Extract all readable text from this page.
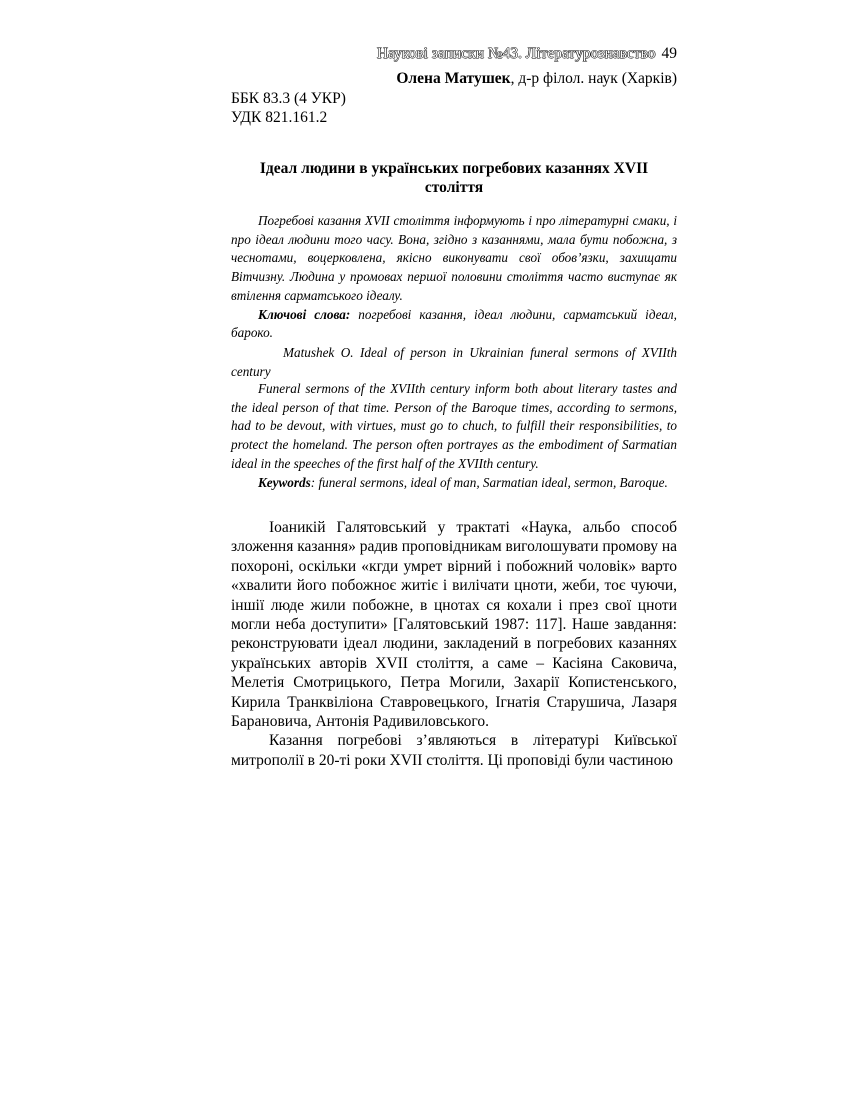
Наукові записки №43. Літературознавство 49
Олена Матушек, д-р філол. наук (Харків)
ББК 83.3 (4 УКР)
УДК 821.161.2
Ідеал людини в українських погребових казаннях XVII
століття

Погребові казання XVII століття інформують і про літературні смаки, і про ідеал людини того часу. Вона, згідно з казаннями, мала бути побожна, з чеснотами, воцерковлена, якісно виконувати свої обов’язки, захищати Вітчизну. Людина у промовах першої половини століття часто виступає як втілення сарматського ідеалу.

Ключові слова: погребові казання, ідеал людини, сарматський ідеал, бароко.

Matushek O. Ideal of person in Ukrainian funeral sermons of XVIIth century

Funeral sermons of the XVIIth century inform both about literary tastes and the ideal person of that time. Person of the Baroque times, according to sermons, had to be devout, with virtues, must go to chuch, to fulfill their responsibilities, to protect the homeland. The person often portrayes as the embodiment of Sarmatian ideal in the speeches of the first half of the XVIIth century.

Keywords: funeral sermons, ideal of man, Sarmatian ideal, sermon, Baroque.

Іоаникій Галятовський у трактаті «Наука, альбо способ зложення казання» радив проповідникам виголошувати промову на похороні, оскільки «кгди умрет вірний і побожний чоловік» варто «хвалити його побожноє житіє і вилічати цноти, жеби, тоє чуючи, іншії люде жили побожне, в цнотах ся кохали і през свої цноти могли неба доступити» [Галятовський 1987: 117]. Наше завдання: реконструювати ідеал людини, закладений в погребових казаннях українських авторів XVII століття, а саме – Касіяна Саковича, Мелетія Смотрицького, Петра Могили, Захарії Копистенського, Кирила Транквіліона Ставровецького, Ігнатія Старушича, Лазаря Барановича, Антонія Радивиловського.

Казання погребові з’являються в літературі Київської митрополії в 20-ті роки XVII століття. Ці проповіді були частиною
